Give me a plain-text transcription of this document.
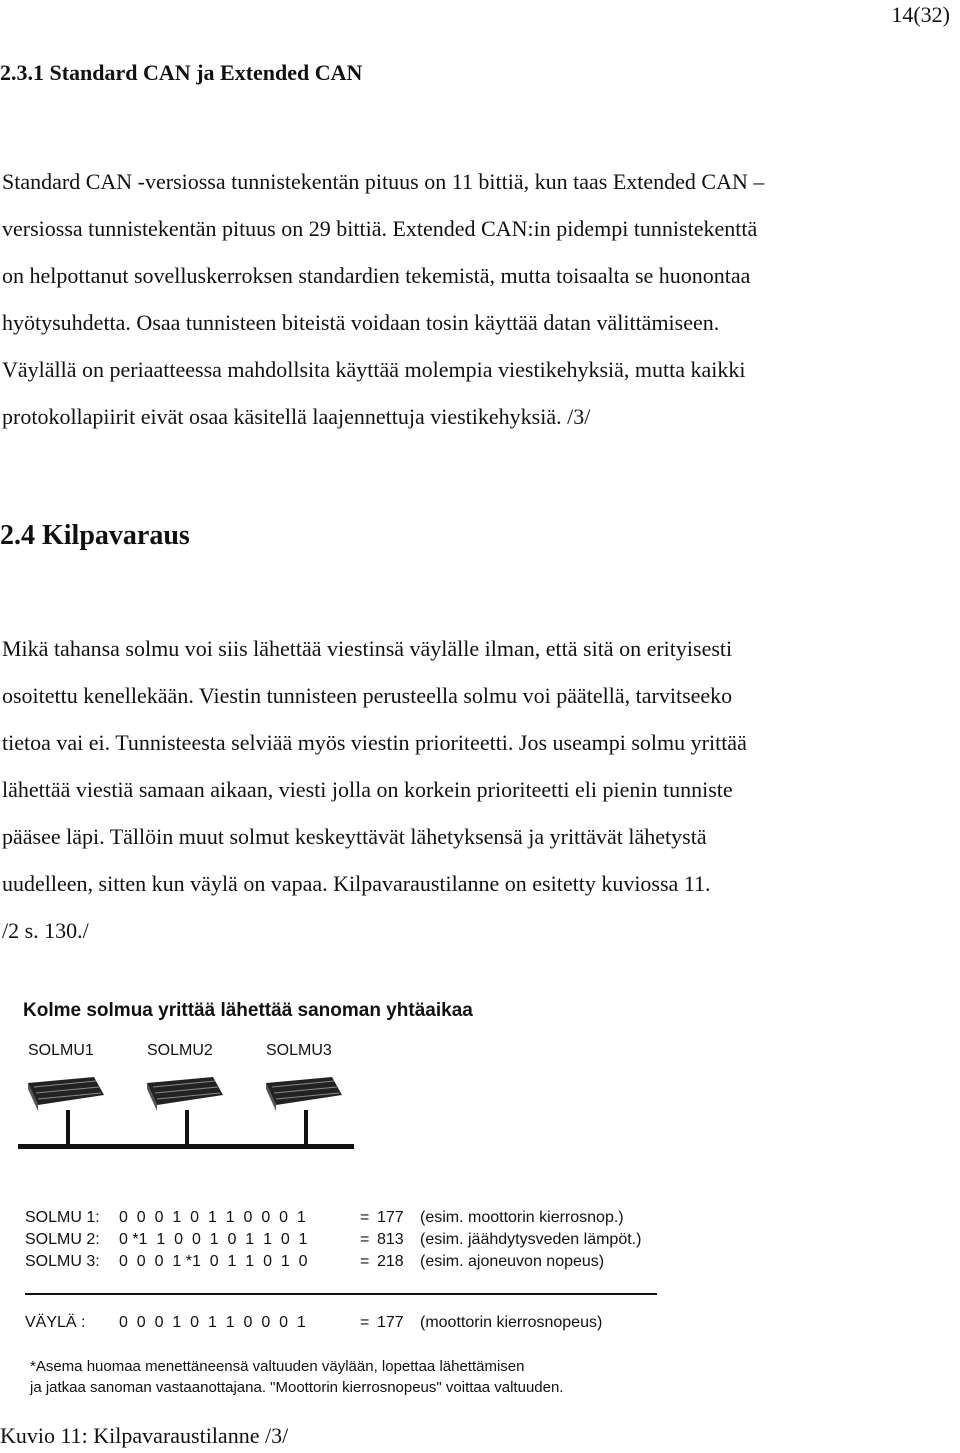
14(32)
2.3.1 Standard CAN ja Extended CAN
Standard CAN -versiossa tunnistekentän pituus on 11 bittiä, kun taas Extended CAN –
versiossa tunnistekentän pituus on 29 bittiä. Extended CAN:in pidempi tunnistekenttä
on helpottanut sovelluskerroksen standardien tekemistä, mutta toisaalta se huonontaa
hyötysuhdetta. Osaa tunnisteen biteistä voidaan tosin käyttää datan välittämiseen.
Väylällä on periaatteessa mahdollsita käyttää molempia viestikehyksiä, mutta kaikki
protokollapiirit eivät osaa käsitellä laajennettuja viestikehyksiä. /3/
2.4 Kilpavaraus
Mikä tahansa solmu voi siis lähettää viestinsä väylälle ilman, että sitä on erityisesti
osoitettu kenellekään. Viestin tunnisteen perusteella solmu voi päätellä, tarvitseeko
tietoa vai ei. Tunnisteesta selviää myös viestin prioriteetti. Jos useampi solmu yrittää
lähettää viestiä samaan aikaan, viesti jolla on korkein prioriteetti eli pienin tunniste
pääsee läpi. Tällöin muut solmut keskeyttävät lähetyksensä ja yrittävät lähetystä
uudelleen, sitten kun väylä on vapaa. Kilpavaraustilanne on esitetty kuviossa 11.
/2 s. 130./
Kolme solmua yrittää lähettää sanoman yhtäaikaa
SOLMU1	SOLMU2	SOLMU3
SOLMU 1: 0  0  0  1  0  1  1  0  0  0  1	= 177 (esim. moottorin kierrosnop.)
SOLMU 2: 0 *1  1  0  0  1  0  1  1  0  1	= 813 (esim. jäähdytysveden lämpöt.)
SOLMU 3: 0  0  0  1 *1  0  1  1  0  1  0	= 218 (esim. ajoneuvon nopeus)
VÄYLÄ : 0  0  0  1  0  1  1  0  0  0  1	= 177 (moottorin kierrosnopeus)
*Asema huomaa menettäneensä valtuuden väylään, lopettaa lähettämisen
ja jatkaa sanoman vastaanottajana. "Moottorin kierrosnopeus" voittaa valtuuden.
Kuvio 11: Kilpavaraustilanne /3/
